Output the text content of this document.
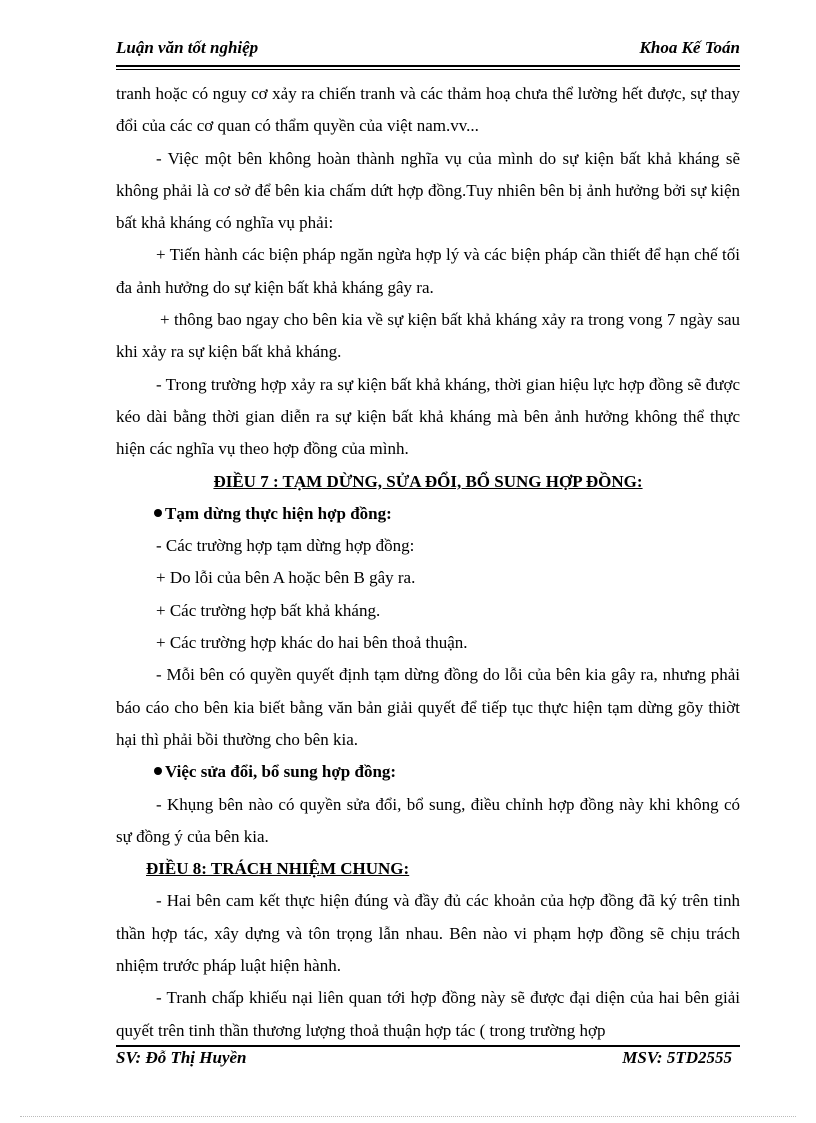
Luận văn tốt nghiệp	Khoa Kế Toán

tranh hoặc có nguy cơ xảy ra chiến tranh và các thảm hoạ chưa thể lường hết được, sự thay đổi của các cơ quan có thẩm quyền của việt nam.vv...

- Việc một bên không hoàn thành nghĩa vụ của mình do sự kiện bất khả kháng sẽ không phải là cơ sở để bên kia chấm dứt hợp đồng.Tuy nhiên bên bị ảnh hưởng bởi sự kiện bất khả kháng có nghĩa vụ phải:

+ Tiến hành các biện pháp ngăn ngừa hợp lý và các biện pháp cần thiết để hạn chế tối đa ảnh hưởng do sự kiện bất khả kháng gây ra.

+ thông bao ngay cho bên kia về sự kiện bất khả kháng xảy ra trong vong 7 ngày sau khi xảy ra sự kiện bất khả kháng.

- Trong trường hợp xảy ra sự kiện bất khả kháng, thời gian hiệu lực hợp đồng sẽ được kéo dài bằng thời gian diễn ra sự kiện bất khả kháng mà bên ảnh hưởng không thể thực hiện các nghĩa vụ theo hợp đồng của mình.

ĐIỀU 7 : TẠM DỪNG, SỬA ĐỔI, BỔ SUNG HỢP ĐỒNG:

Tạm dừng thực hiện hợp đồng:

- Các trường hợp tạm dừng hợp đồng:

+ Do lỗi của bên A hoặc bên B gây ra.

+ Các trường hợp bất khả kháng.

+ Các trường hợp khác do hai bên thoả thuận.

- Mỗi bên có quyền quyết định tạm dừng đồng do lỗi của bên kia gây ra, nhưng phải báo cáo cho bên kia biết bằng văn bản giải quyết để tiếp tục thực hiện tạm dừng gõy thiờt hại thì phải bồi thường cho bên kia.

Việc sửa đổi, bổ sung hợp đồng:

- Khụng bên nào có quyền sửa đổi, bổ sung, điều chỉnh hợp đồng này khi không có sự đồng ý của bên kia.

ĐIỀU 8: TRÁCH NHIỆM CHUNG:

- Hai bên cam kết thực hiện đúng và đầy đủ các khoản của hợp đồng đã ký trên tinh thần hợp tác, xây dựng và tôn trọng lẫn nhau. Bên nào vi phạm hợp đồng sẽ chịu trách nhiệm trước pháp luật hiện hành.

- Tranh chấp khiếu nại liên quan tới hợp đồng này sẽ được đại diện của hai bên giải quyết trên tinh thần thương lượng thoả thuận hợp tác ( trong trường hợp

SV: Đỗ Thị Huyền	MSV: 5TD2555
